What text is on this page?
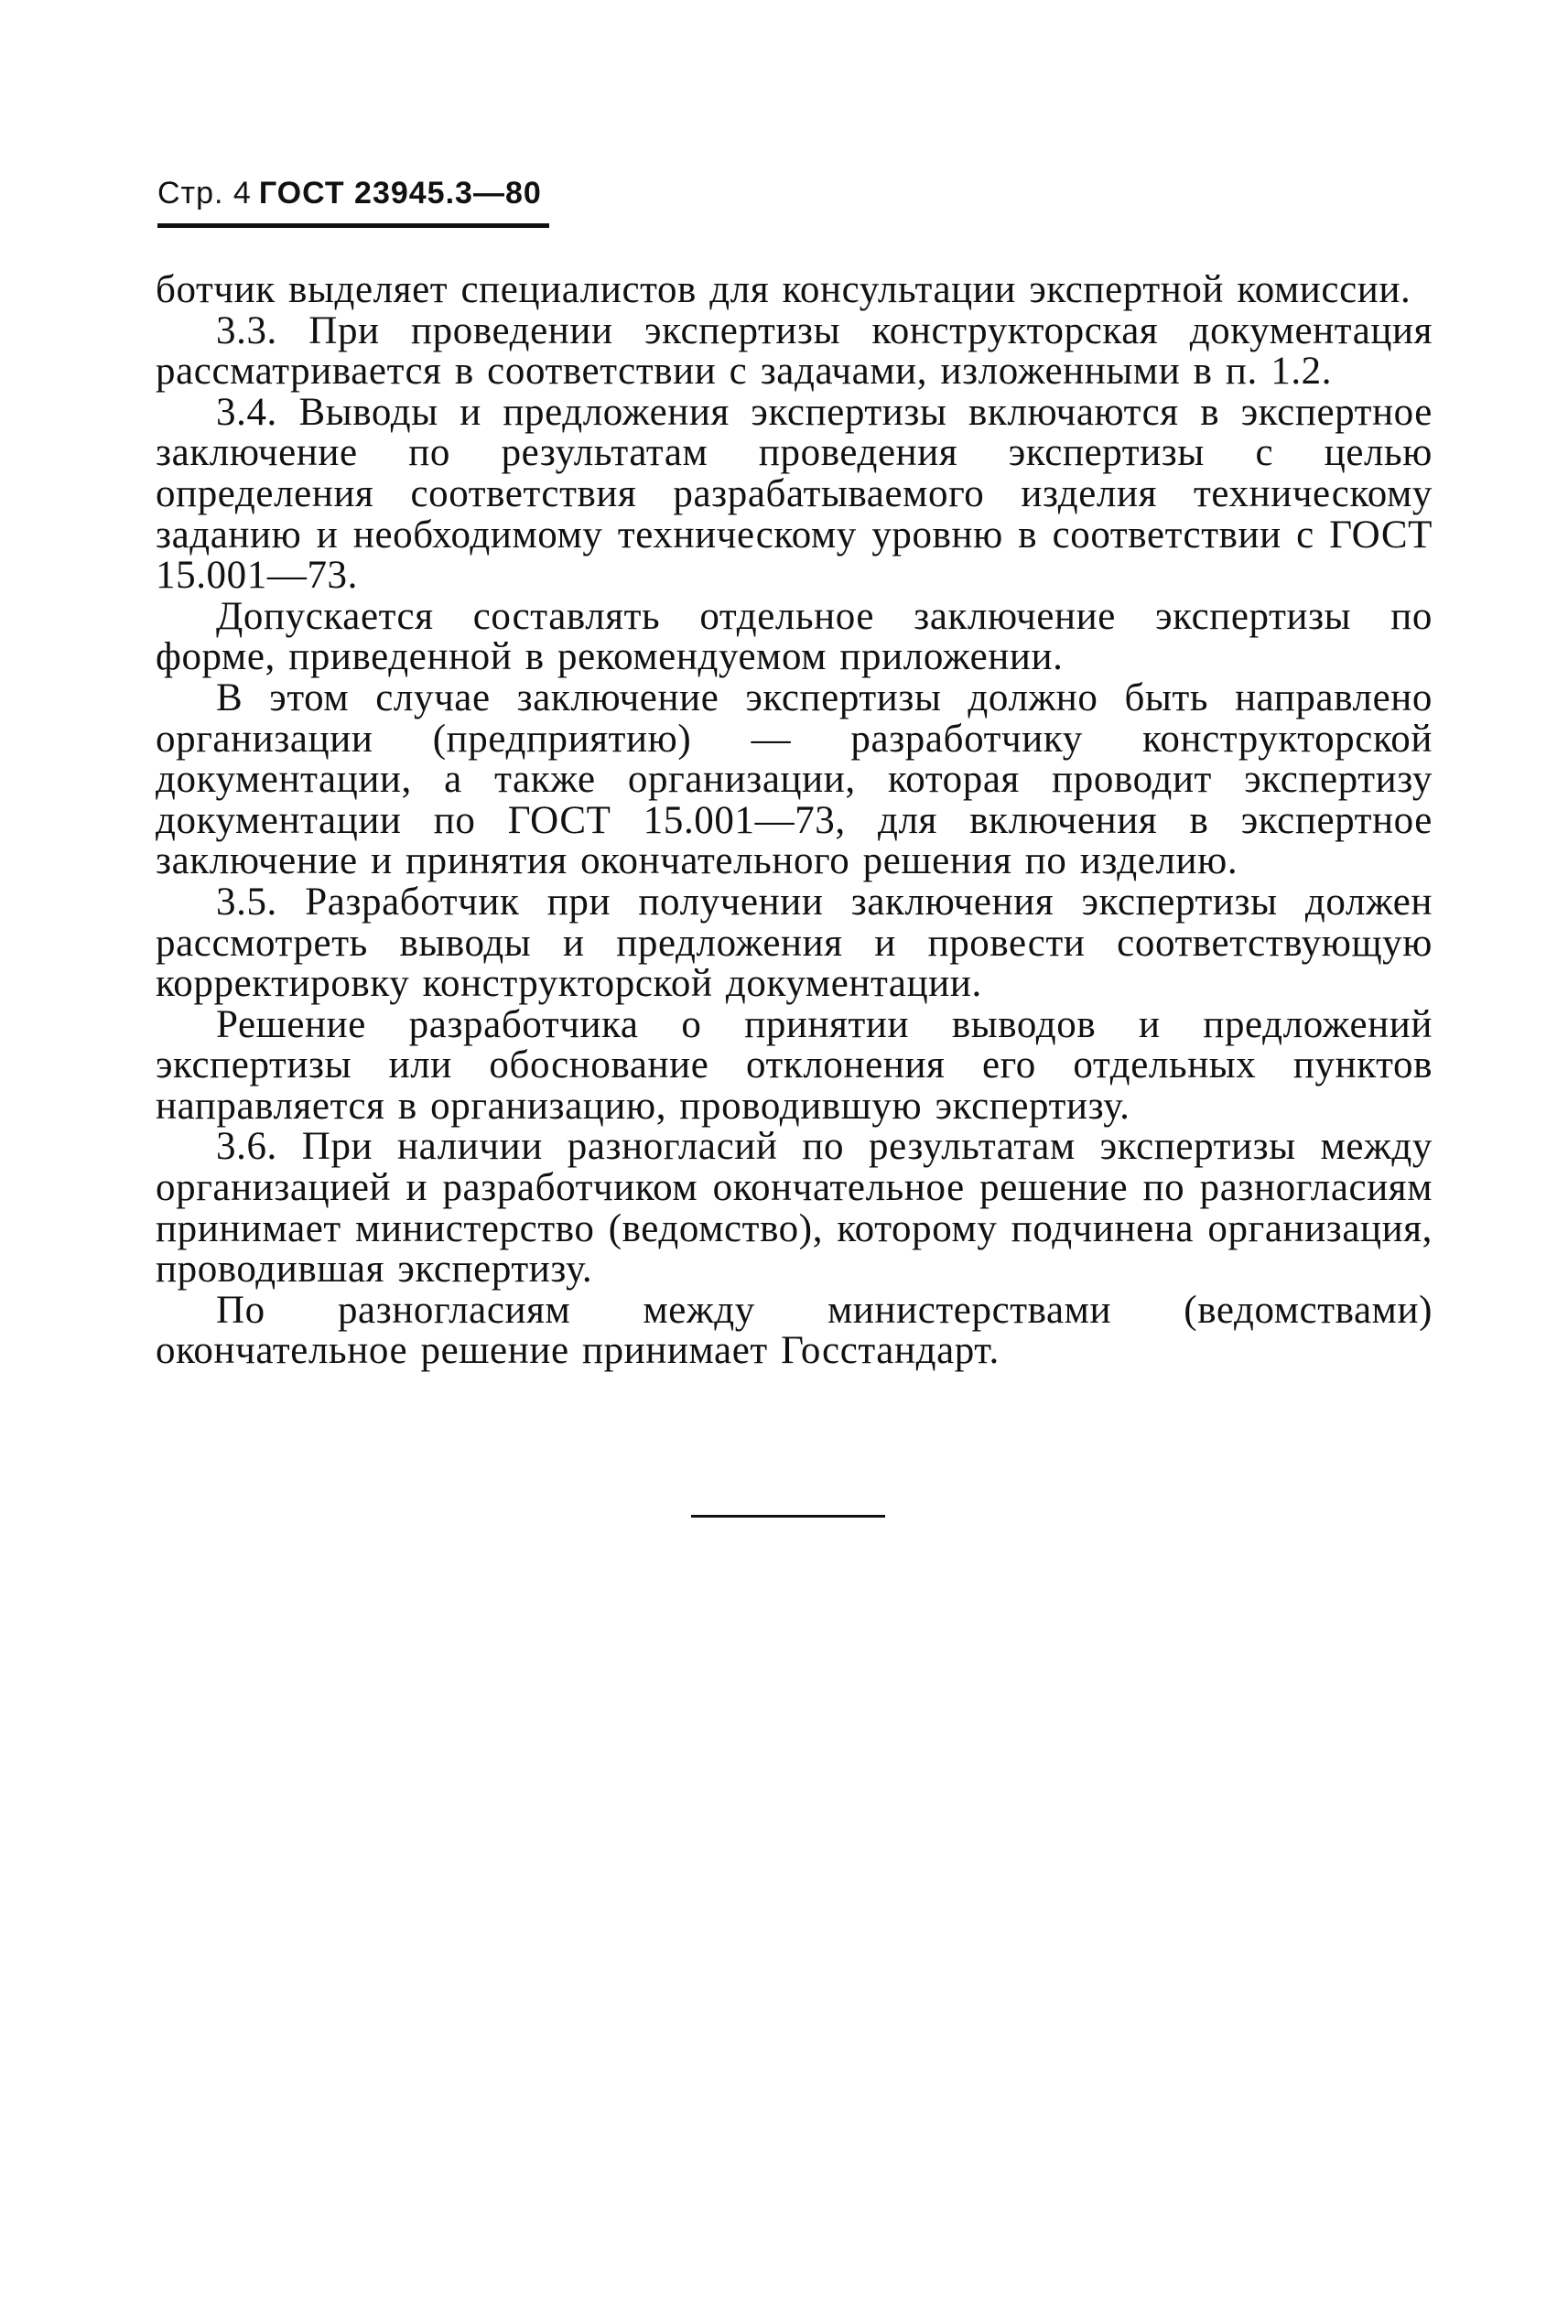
Стр. 4 ГОСТ 23945.3—80

ботчик выделяет специалистов для консультации экспертной комиссии.

3.3. При проведении экспертизы конструкторская документация рассматривается в соответствии с задачами, изложенными в п. 1.2.

3.4. Выводы и предложения экспертизы включаются в экспертное заключение по результатам проведения экспертизы с целью определения соответствия разрабатываемого изделия техническому заданию и необходимому техническому уровню в соответствии с ГОСТ 15.001—73.

Допускается составлять отдельное заключение экспертизы по форме, приведенной в рекомендуемом приложении.

В этом случае заключение экспертизы должно быть направлено организации (предприятию) — разработчику конструкторской документации, а также организации, которая проводит экспертизу документации по ГОСТ 15.001—73, для включения в экспертное заключение и принятия окончательного решения по изделию.

3.5. Разработчик при получении заключения экспертизы должен рассмотреть выводы и предложения и провести соответствующую корректировку конструкторской документации.

Решение разработчика о принятии выводов и предложений экспертизы или обоснование отклонения его отдельных пунктов направляется в организацию, проводившую экспертизу.

3.6. При наличии разногласий по результатам экспертизы между организацией и разработчиком окончательное решение по разногласиям принимает министерство (ведомство), которому подчинена организация, проводившая экспертизу.

По разногласиям между министерствами (ведомствами) окончательное решение принимает Госстандарт.
